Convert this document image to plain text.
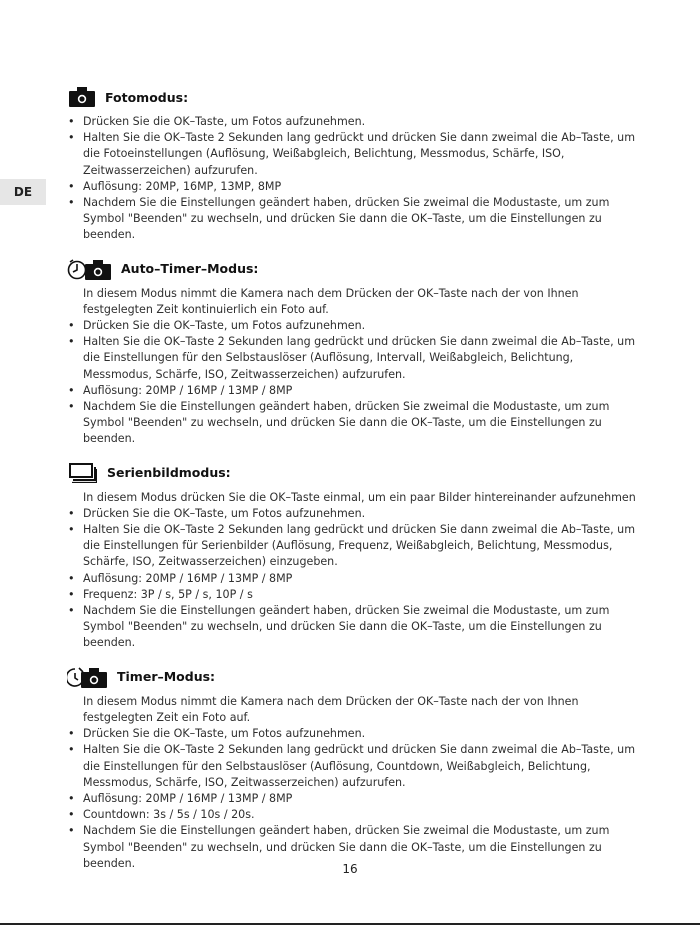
DE
Fotomodus:
• Drücken Sie die OK–Taste, um Fotos aufzunehmen.
• Halten Sie die OK–Taste 2 Sekunden lang gedrückt und drücken Sie dann zweimal die Ab–Taste, um die Fotoeinstellungen (Auflösung, Weißabgleich, Belichtung, Messmodus, Schärfe, ISO, Zeitwasserzeichen) aufzurufen.
• Auflösung: 20MP, 16MP, 13MP, 8MP
• Nachdem Sie die Einstellungen geändert haben, drücken Sie zweimal die Modustaste, um zum Symbol "Beenden" zu wechseln, und drücken Sie dann die OK–Taste, um die Einstellungen zu beenden.
Auto–Timer–Modus:

In diesem Modus nimmt die Kamera nach dem Drücken der OK–Taste nach der von Ihnen festgelegten Zeit kontinuierlich ein Foto auf.

• Drücken Sie die OK–Taste, um Fotos aufzunehmen.
• Halten Sie die OK–Taste 2 Sekunden lang gedrückt und drücken Sie dann zweimal die Ab–Taste, um die Einstellungen für den Selbstauslöser (Auflösung, Intervall, Weißabgleich, Belichtung, Messmodus, Schärfe, ISO, Zeitwasserzeichen) aufzurufen.
• Auflösung: 20MP / 16MP / 13MP / 8MP
• Nachdem Sie die Einstellungen geändert haben, drücken Sie zweimal die Modustaste, um zum Symbol "Beenden" zu wechseln, und drücken Sie dann die OK–Taste, um die Einstellungen zu beenden.
Serienbildmodus:

In diesem Modus drücken Sie die OK–Taste einmal, um ein paar Bilder hintereinander aufzunehmen

• Drücken Sie die OK–Taste, um Fotos aufzunehmen.
• Halten Sie die OK–Taste 2 Sekunden lang gedrückt und drücken Sie dann zweimal die Ab–Taste, um die Einstellungen für Serienbilder (Auflösung, Frequenz, Weißabgleich, Belichtung, Messmodus, Schärfe, ISO, Zeitwasserzeichen) einzugeben.
• Auflösung: 20MP / 16MP / 13MP / 8MP
• Frequenz: 3P / s, 5P / s, 10P / s
• Nachdem Sie die Einstellungen geändert haben, drücken Sie zweimal die Modustaste, um zum Symbol "Beenden" zu wechseln, und drücken Sie dann die OK–Taste, um die Einstellungen zu beenden.
Timer–Modus:

In diesem Modus nimmt die Kamera nach dem Drücken der OK–Taste nach der von Ihnen festgelegten Zeit ein Foto auf.

• Drücken Sie die OK–Taste, um Fotos aufzunehmen.
• Halten Sie die OK–Taste 2 Sekunden lang gedrückt und drücken Sie dann zweimal die Ab–Taste, um die Einstellungen für den Selbstauslöser (Auflösung, Countdown, Weißabgleich, Belichtung, Messmodus, Schärfe, ISO, Zeitwasserzeichen) aufzurufen.
• Auflösung: 20MP / 16MP / 13MP / 8MP
• Countdown: 3s / 5s / 10s / 20s.
• Nachdem Sie die Einstellungen geändert haben, drücken Sie zweimal die Modustaste, um zum Symbol "Beenden" zu wechseln, und drücken Sie dann die OK–Taste, um die Einstellungen zu beenden.	16
